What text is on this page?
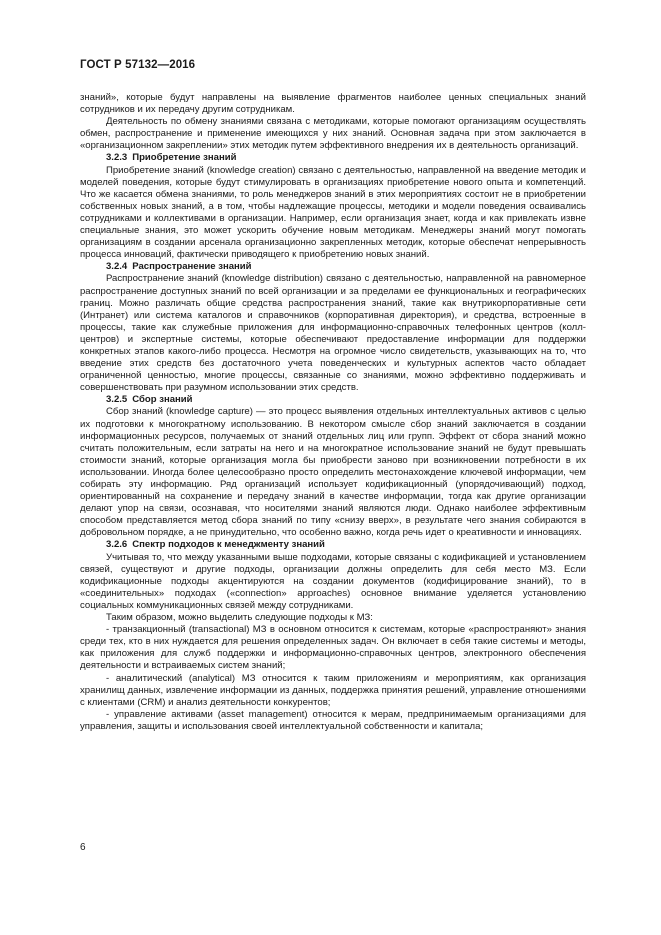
ГОСТ Р 57132—2016

знаний», которые будут направлены на выявление фрагментов наиболее ценных специальных знаний сотрудников и их передачу другим сотрудникам.

Деятельность по обмену знаниями связана с методиками, которые помогают организациям осуществлять обмен, распространение и применение имеющихся у них знаний. Основная задача при этом заключается в «организационном закреплении» этих методик путем эффективного внедрения их в деятельность организаций.

3.2.3 Приобретение знаний

Приобретение знаний (knowledge creation) связано с деятельностью, направленной на введение методик и моделей поведения, которые будут стимулировать в организациях приобретение нового опыта и компетенций. Что же касается обмена знаниями, то роль менеджеров знаний в этих мероприятиях состоит не в приобретении собственных новых знаний, а в том, чтобы надлежащие процессы, методики и модели поведения осваивались сотрудниками и коллективами в организации. Например, если организация знает, когда и как привлекать извне специальные знания, это может ускорить обучение новым методикам. Менеджеры знаний могут помогать организациям в создании арсенала организационно закрепленных методик, которые обеспечат непрерывность процесса инноваций, фактически приводящего к приобретению новых знаний.

3.2.4 Распространение знаний

Распространение знаний (knowledge distribution) связано с деятельностью, направленной на равномерное распространение доступных знаний по всей организации и за пределами ее функциональных и географических границ. Можно различать общие средства распространения знаний, такие как внутрикорпоративные сети (Интранет) или система каталогов и справочников (корпоративная директория), и средства, встроенные в процессы, такие как служебные приложения для информационно-справочных телефонных центров (колл-центров) и экспертные системы, которые обеспечивают предоставление информации для поддержки конкретных этапов какого-либо процесса. Несмотря на огромное число свидетельств, указывающих на то, что введение этих средств без достаточного учета поведенческих и культурных аспектов часто обладает ограниченной ценностью, многие процессы, связанные со знаниями, можно эффективно поддерживать и совершенствовать при разумном использовании этих средств.

3.2.5 Сбор знаний

Сбор знаний (knowledge capture) — это процесс выявления отдельных интеллектуальных активов с целью их подготовки к многократному использованию. В некотором смысле сбор знаний заключается в создании информационных ресурсов, получаемых от знаний отдельных лиц или групп. Эффект от сбора знаний можно считать положительным, если затраты на него и на многократное использование знаний не будут превышать стоимости знаний, которые организация могла бы приобрести заново при возникновении потребности в их использовании. Иногда более целесообразно просто определить местонахождение ключевой информации, чем собирать эту информацию. Ряд организаций использует кодификационный (упорядочивающий) подход, ориентированный на сохранение и передачу знаний в качестве информации, тогда как другие организации делают упор на связи, осознавая, что носителями знаний являются люди. Однако наиболее эффективным способом представляется метод сбора знаний по типу «снизу вверх», в результате чего знания собираются в добровольном порядке, а не принудительно, что особенно важно, когда речь идет о креативности и инновациях.

3.2.6 Спектр подходов к менеджменту знаний

Учитывая то, что между указанными выше подходами, которые связаны с кодификацией и установлением связей, существуют и другие подходы, организации должны определить для себя место МЗ. Если кодификационные подходы акцентируются на создании документов (кодифицирование знаний), то в «соединительных» подходах («connection» approaches) основное внимание уделяется установлению социальных коммуникационных связей между сотрудниками.

Таким образом, можно выделить следующие подходы к МЗ:

- транзакционный (transactional) МЗ в основном относится к системам, которые «распространяют» знания среди тех, кто в них нуждается для решения определенных задач. Он включает в себя такие системы и методы, как приложения для служб поддержки и информационно-справочных центров, электронного обеспечения деятельности и встраиваемых систем знаний;

- аналитический (analytical) МЗ относится к таким приложениям и мероприятиям, как организация хранилищ данных, извлечение информации из данных, поддержка принятия решений, управление отношениями с клиентами (CRM) и анализ деятельности конкурентов;

- управление активами (asset management) относится к мерам, предпринимаемым организациями для управления, защиты и использования своей интеллектуальной собственности и капитала;

6
